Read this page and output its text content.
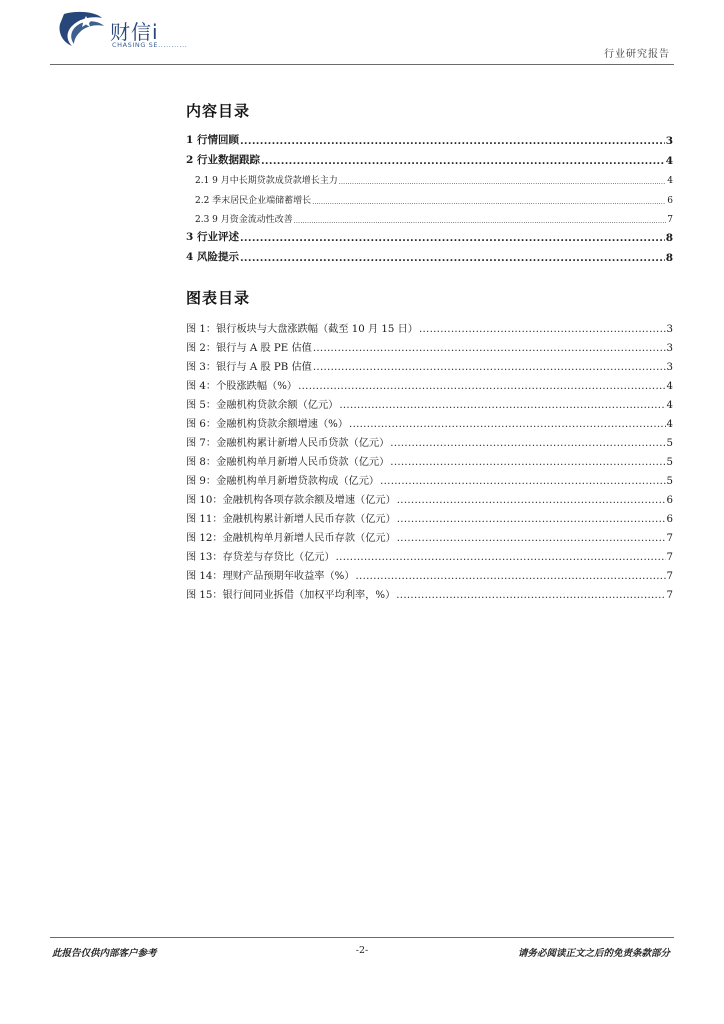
财信i
CHASING SE...........
行业研究报告
内容目录
1 行情回顾 .....	3
2 行业数据跟踪 .....	4
2.1 9 月中长期贷款成贷款增长主力 .....	4
2.2 季末居民企业端储蓄增长 .....	6
2.3 9 月资金流动性改善 .....	7
3 行业评述 .....	8
4 风险提示 .....	8
图表目录
图 1：银行板块与大盘涨跌幅（截至 10 月 15 日） .....	3
图 2：银行与 A 股 PE 估值 .....	3
图 3：银行与 A 股 PB 估值 .....	3
图 4：个股涨跌幅（%） .....	4
图 5：金融机构贷款余额（亿元） .....	4
图 6：金融机构贷款余额增速（%） .....	4
图 7：金融机构累计新增人民币贷款（亿元） .....	5
图 8：金融机构单月新增人民币贷款（亿元） .....	5
图 9：金融机构单月新增贷款构成（亿元） .....	5
图 10：金融机构各项存款余额及增速（亿元） .....	6
图 11：金融机构累计新增人民币存款（亿元） .....	6
图 12：金融机构单月新增人民币存款（亿元） .....	7
图 13：存贷差与存贷比（亿元） .....	7
图 14：理财产品预期年收益率（%） .....	7
图 15：银行间同业拆借（加权平均利率，%） .....	7
此报告仅供内部客户参考	-2-	请务必阅读正文之后的免责条款部分
